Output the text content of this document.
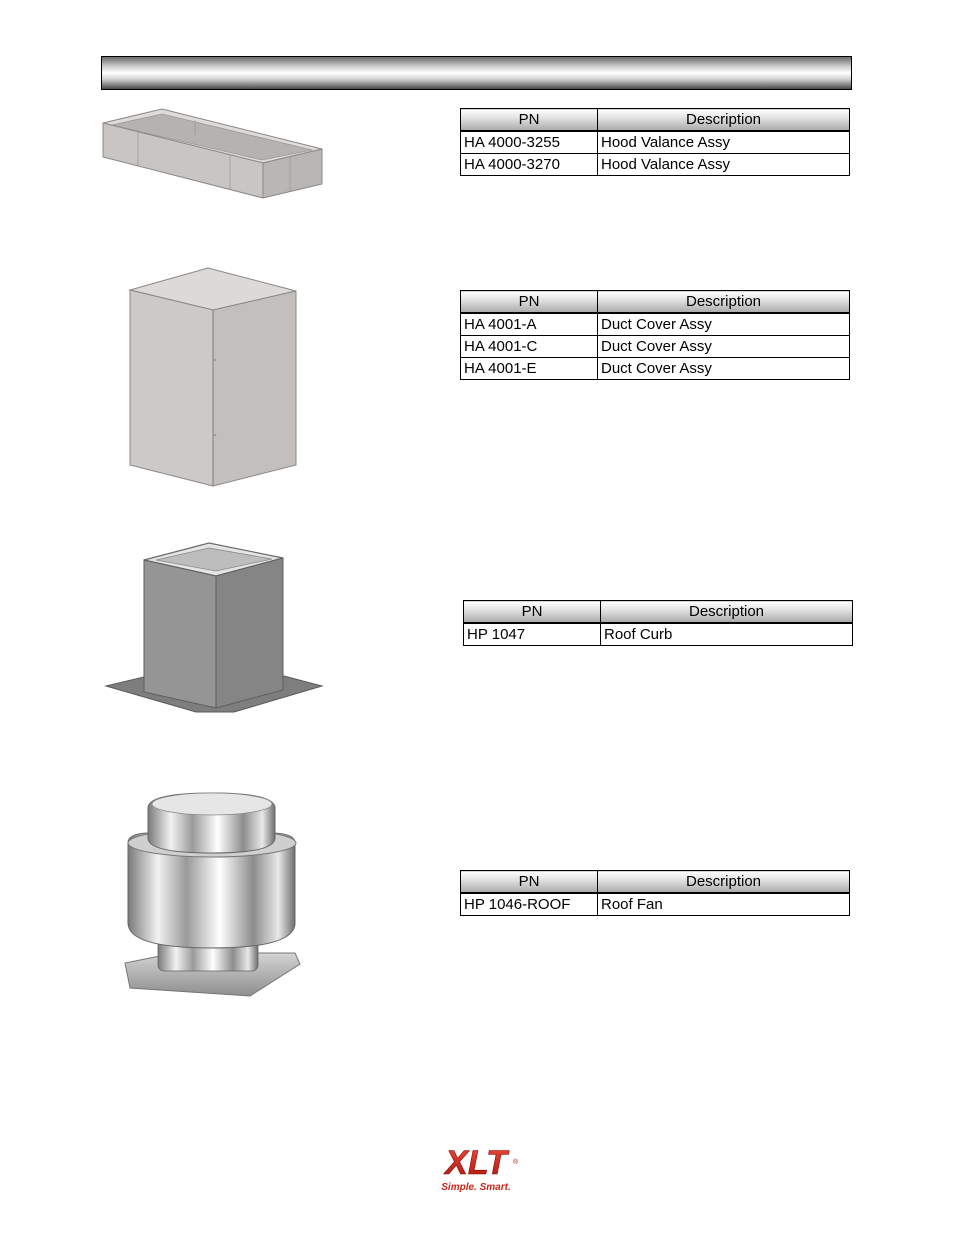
PN	Description
HA 4000-3255	Hood Valance Assy
HA 4000-3270	Hood Valance Assy
PN	Description
HA 4001-A	Duct Cover Assy
HA 4001-C	Duct Cover Assy
HA 4001-E	Duct Cover Assy
PN	Description
HP 1047	Roof Curb
PN	Description
HP 1046-ROOF	Roof Fan
XLT ®
Simple. Smart.
